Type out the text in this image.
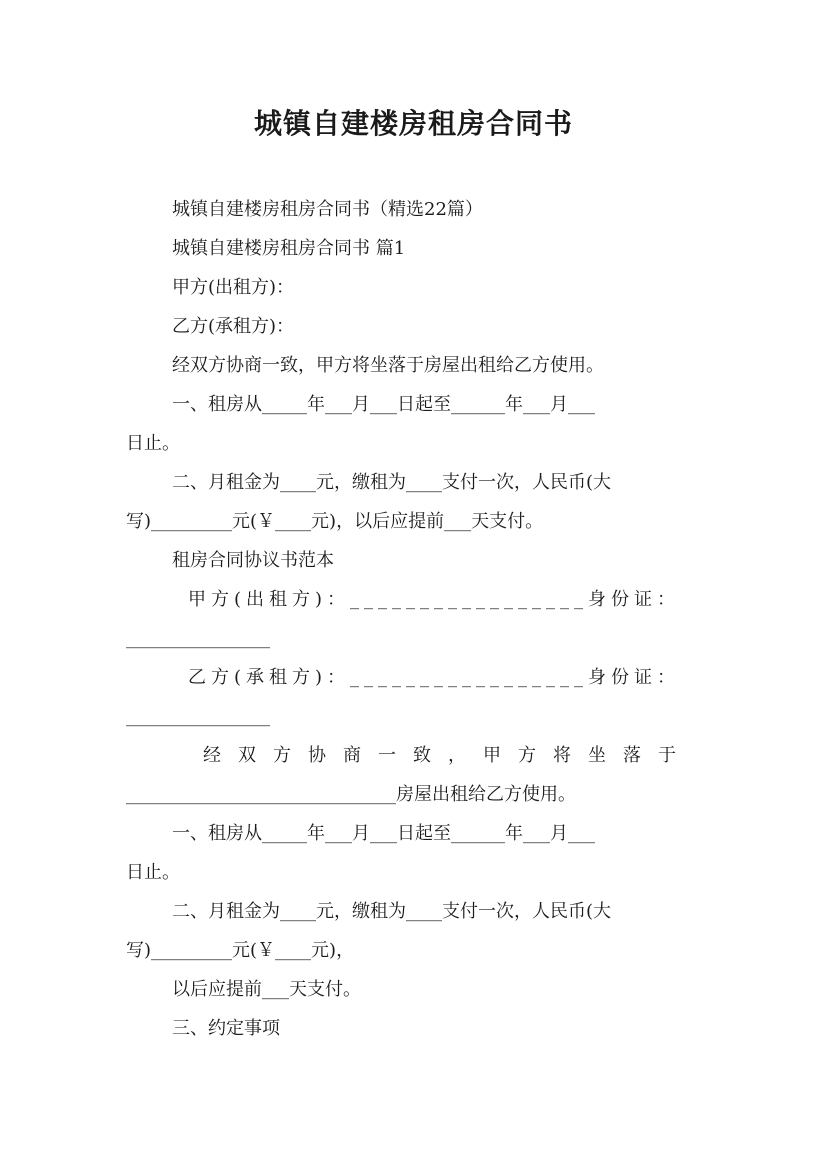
城镇自建楼房租房合同书
城镇自建楼房租房合同书（精选22篇）
城镇自建楼房租房合同书 篇1
甲方(出租方)：
乙方(承租方)：
经双方协商一致，甲方将坐落于房屋出租给乙方使用。
一、租房从_____年___月___日起至______年___月___
日止。
二、月租金为____元，缴租为____支付一次，人民币(大
写)_________元(￥____元)，以后应提前___天支付。
租房合同协议书范本
甲方(出租方)：_________________身份证：
________________
乙方(承租方)：_________________身份证：
________________
经双方协商一致，甲方将坐落于
______________________________房屋出租给乙方使用。
一、租房从_____年___月___日起至______年___月___
日止。
二、月租金为____元，缴租为____支付一次，人民币(大
写)_________元(￥____元)，
以后应提前___天支付。
三、约定事项
